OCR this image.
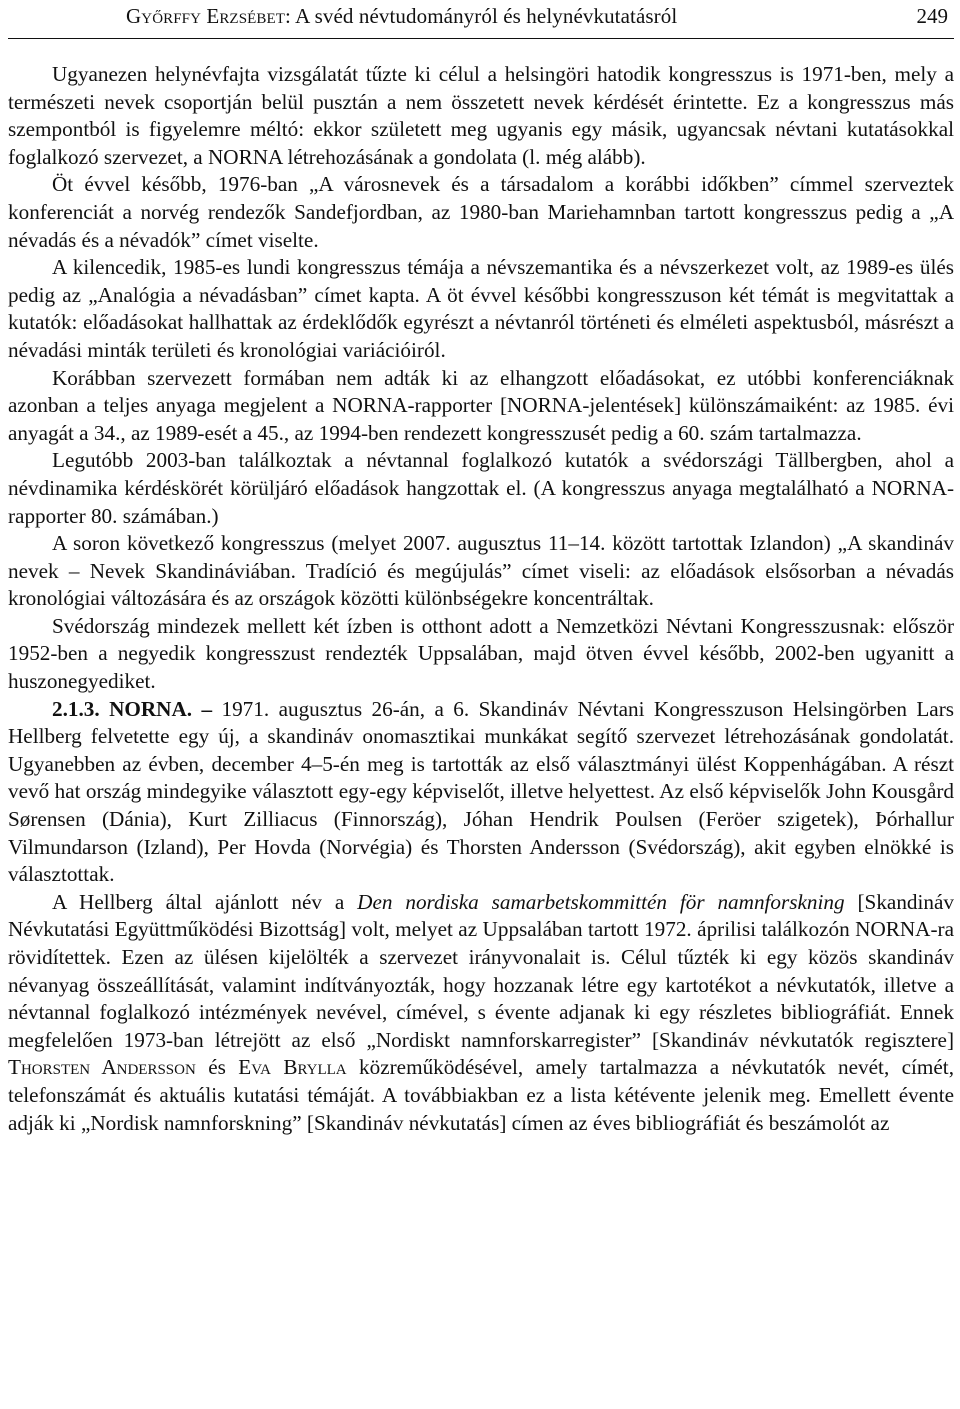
Győrffy Erzsébet: A svéd névtudományról és helynévkutatásról	249

Ugyanezen helynévfajta vizsgálatát tűzte ki célul a helsingöri hatodik kongresszus is 1971-ben, mely a természeti nevek csoportján belül pusztán a nem összetett nevek kérdését érintette. Ez a kongresszus más szempontból is figyelemre méltó: ekkor született meg ugyanis egy másik, ugyancsak névtani kutatásokkal foglalkozó szervezet, a NORNA létrehozásának a gondolata (l. még alább).

Öt évvel később, 1976-ban „A városnevek és a társadalom a korábbi időkben” címmel szerveztek konferenciát a norvég rendezők Sandefjordban, az 1980-ban Mariehamnban tartott kongresszus pedig a „A névadás és a névadók” címet viselte.

A kilencedik, 1985-es lundi kongresszus témája a névszemantika és a névszerkezet volt, az 1989-es ülés pedig az „Analógia a névadásban” címet kapta. A öt évvel későbbi kongresszuson két témát is megvitattak a kutatók: előadásokat hallhattak az érdeklődők egyrészt a névtanról történeti és elméleti aspektusból, másrészt a névadási minták területi és kronológiai variációiról.

Korábban szervezett formában nem adták ki az elhangzott előadásokat, ez utóbbi konferenciáknak azonban a teljes anyaga megjelent a NORNA-rapporter [NORNA-jelentések] különszámaiként: az 1985. évi anyagát a 34., az 1989-esét a 45., az 1994-ben rendezett kongresszusét pedig a 60. szám tartalmazza.

Legutóbb 2003-ban találkoztak a névtannal foglalkozó kutatók a svédországi Tällbergben, ahol a névdinamika kérdéskörét körüljáró előadások hangzottak el. (A kongresszus anyaga megtalálható a NORNA-rapporter 80. számában.)

A soron következő kongresszus (melyet 2007. augusztus 11–14. között tartottak Izlandon) „A skandináv nevek – Nevek Skandináviában. Tradíció és megújulás” címet viseli: az előadások elsősorban a névadás kronológiai változására és az országok közötti különbségekre koncentráltak.

Svédország mindezek mellett két ízben is otthont adott a Nemzetközi Névtani Kongresszusnak: először 1952-ben a negyedik kongresszust rendezték Uppsalában, majd ötven évvel később, 2002-ben ugyanitt a huszonegyediket.

2.1.3. NORNA. – 1971. augusztus 26-án, a 6. Skandináv Névtani Kongresszuson Helsingörben Lars Hellberg felvetette egy új, a skandináv onomasztikai munkákat segítő szervezet létrehozásának gondolatát. Ugyanebben az évben, december 4–5-én meg is tartották az első választmányi ülést Koppenhágában. A részt vevő hat ország mindegyike választott egy-egy képviselőt, illetve helyettest. Az első képviselők John Kousgård Sørensen (Dánia), Kurt Zilliacus (Finnország), Jóhan Hendrik Poulsen (Feröer szigetek), Þórhallur Vilmundarson (Izland), Per Hovda (Norvégia) és Thorsten Andersson (Svédország), akit egyben elnökké is választottak.

A Hellberg által ajánlott név a Den nordiska samarbetskommittén för namnforskning [Skandináv Névkutatási Együttműködési Bizottság] volt, melyet az Uppsalában tartott 1972. áprilisi találkozón NORNA-ra rövidítettek. Ezen az ülésen kijelölték a szervezet irányvonalait is. Célul tűzték ki egy közös skandináv névanyag összeállítását, valamint indítványozták, hogy hozzanak létre egy kartotékot a névkutatók, illetve a névtannal foglalkozó intézmények nevével, címével, s évente adjanak ki egy részletes bibliográfiát. Ennek megfelelően 1973-ban létrejött az első „Nordiskt namnforskarregister” [Skandináv névkutatók regisztere] Thorsten Andersson és Eva Brylla közreműködésével, amely tartalmazza a névkutatók nevét, címét, telefonszámát és aktuális kutatási témáját. A továbbiakban ez a lista kétévente jelenik meg. Emellett évente adják ki „Nordisk namnforskning” [Skandináv névkutatás] címen az éves bibliográfiát és beszámolót az
